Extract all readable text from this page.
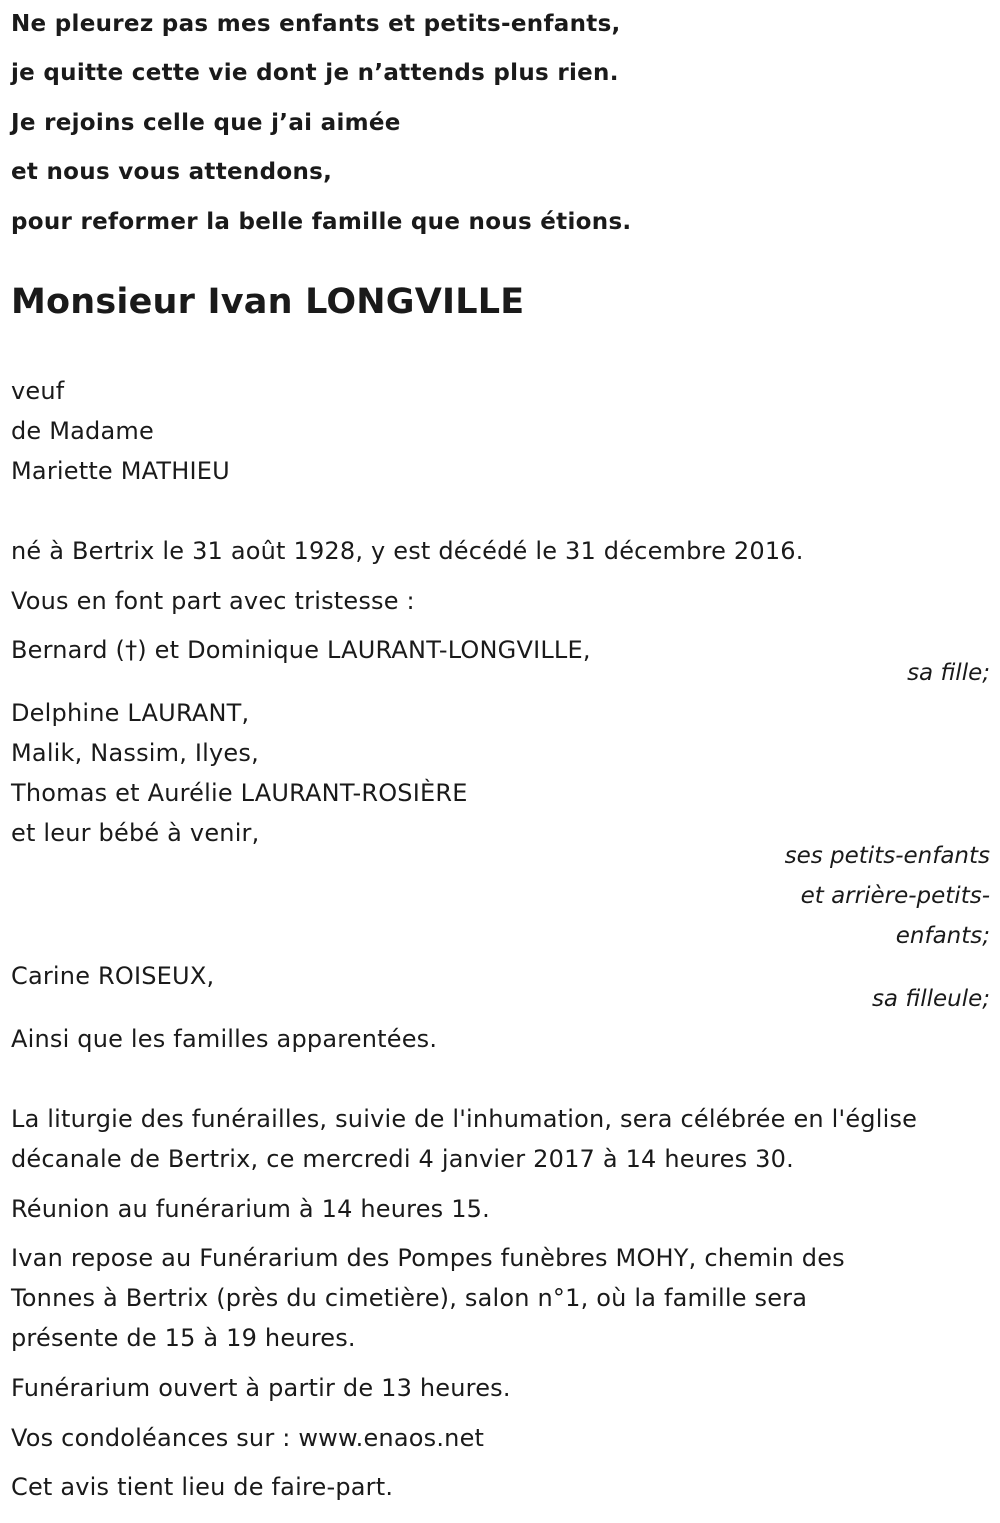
Ne pleurez pas mes enfants et petits-enfants,
je quitte cette vie dont je n’attends plus rien.
Je rejoins celle que j’ai aimée
et nous vous attendons,
pour reformer la belle famille que nous étions.
Monsieur Ivan LONGVILLE
veuf
de Madame
Mariette MATHIEU
né à Bertrix le 31 août 1928, y est décédé le 31 décembre 2016.
Vous en font part avec tristesse :
Bernard (†) et Dominique LAURANT-LONGVILLE,
sa fille;
Delphine LAURANT,
Malik, Nassim, Ilyes,
Thomas et Aurélie LAURANT-ROSIÈRE
et leur bébé à venir,
ses petits-enfants
et arrière-petits-
enfants;
Carine ROISEUX,
sa filleule;
Ainsi que les familles apparentées.
La liturgie des funérailles, suivie de l'inhumation, sera célébrée en l'église
décanale de Bertrix, ce mercredi 4 janvier 2017 à 14 heures 30.
Réunion au funérarium à 14 heures 15.
Ivan repose au Funérarium des Pompes funèbres MOHY, chemin des
Tonnes à Bertrix (près du cimetière), salon n°1, où la famille sera
présente de 15 à 19 heures.
Funérarium ouvert à partir de 13 heures.
Vos condoléances sur : www.enaos.net
Cet avis tient lieu de faire-part.
